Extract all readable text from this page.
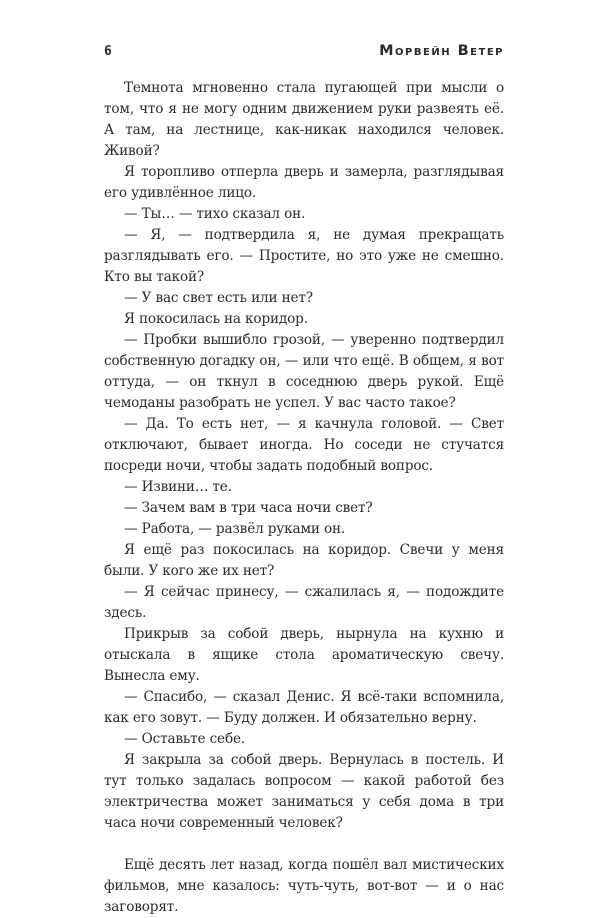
6	Морвейн Ветер

Темнота мгновенно стала пугающей при мысли о том, что я не могу одним движением руки развеять её. А там, на лестнице, как-никак находился человек. Живой?

Я торопливо отперла дверь и замерла, разглядывая его удивлённое лицо.

— Ты… — тихо сказал он.

— Я, — подтвердила я, не думая прекращать разглядывать его. — Простите, но это уже не смешно. Кто вы такой?

— У вас свет есть или нет?

Я покосилась на коридор.

— Пробки вышибло грозой, — уверенно подтвердил собственную догадку он, — или что ещё. В общем, я вот оттуда, — он ткнул в соседнюю дверь рукой. Ещё чемоданы разобрать не успел. У вас часто такое?

— Да. То есть нет, — я качнула головой. — Свет отключают, бывает иногда. Но соседи не стучатся посреди ночи, чтобы задать подобный вопрос.

— Извини… те.

— Зачем вам в три часа ночи свет?

— Работа, — развёл руками он.

Я ещё раз покосилась на коридор. Свечи у меня были. У кого же их нет?

— Я сейчас принесу, — сжалилась я, — подождите здесь.

Прикрыв за собой дверь, нырнула на кухню и отыскала в ящике стола ароматическую свечу. Вынесла ему.

— Спасибо, — сказал Денис. Я всё-таки вспомнила, как его зовут. — Буду должен. И обязательно верну.

— Оставьте себе.

Я закрыла за собой дверь. Вернулась в постель. И тут только задалась вопросом — какой работой без электричества может заниматься у себя дома в три часа ночи современный человек?

Ещё десять лет назад, когда пошёл вал мистических фильмов, мне казалось: чуть-чуть, вот-вот — и о нас заговорят.
